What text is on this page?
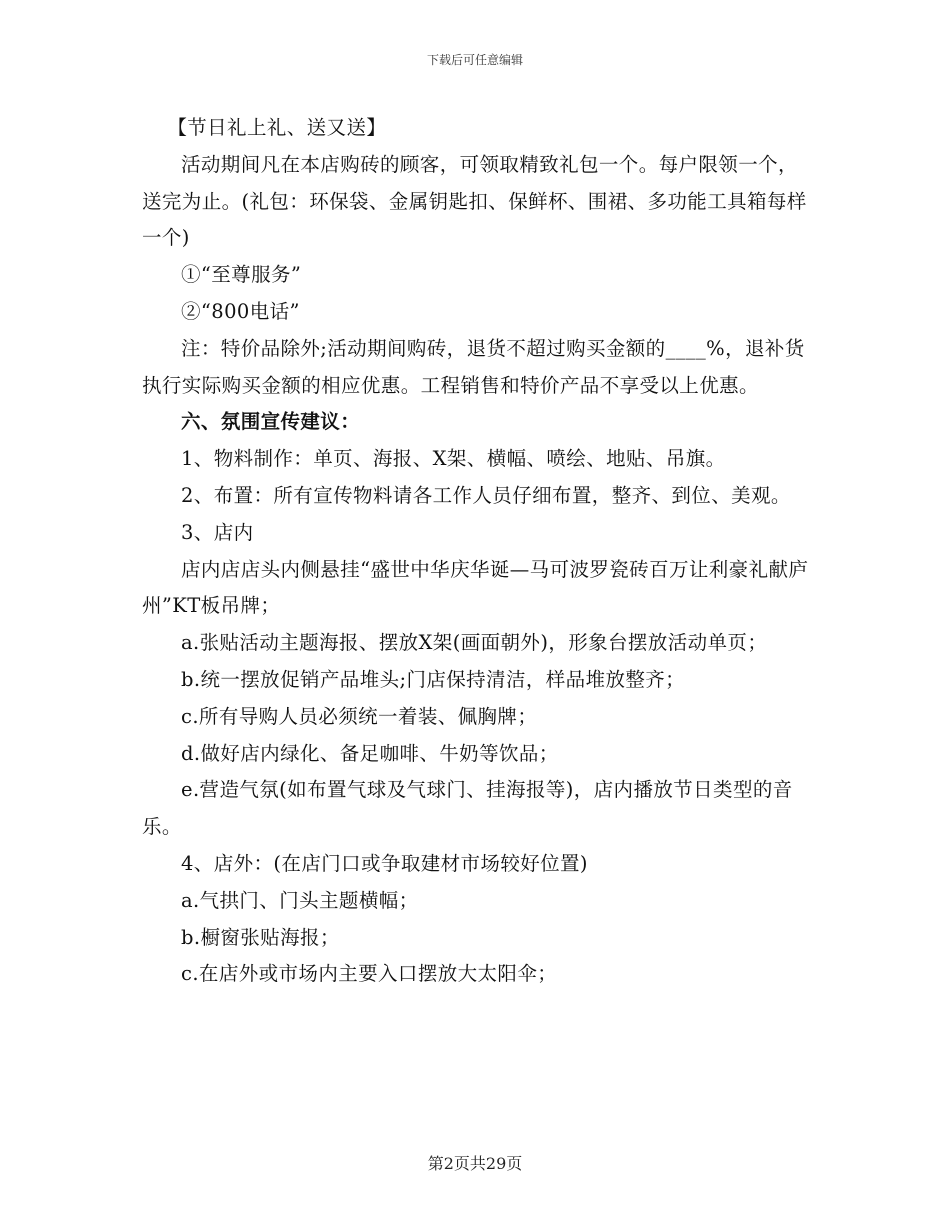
下载后可任意编辑

【节日礼上礼、送又送】

活动期间凡在本店购砖的顾客，可领取精致礼包一个。每户限领一个，送完为止。(礼包：环保袋、金属钥匙扣、保鲜杯、围裙、多功能工具箱每样一个)

①“至尊服务”

②“800电话”

注：特价品除外;活动期间购砖，退货不超过购买金额的____%，退补货执行实际购买金额的相应优惠。工程销售和特价产品不享受以上优惠。

六、氛围宣传建议：

1、物料制作：单页、海报、X架、横幅、喷绘、地贴、吊旗。

2、布置：所有宣传物料请各工作人员仔细布置，整齐、到位、美观。

3、店内

店内店店头内侧悬挂“盛世中华庆华诞—马可波罗瓷砖百万让利豪礼献庐州”KT板吊牌；

a.张贴活动主题海报、摆放X架(画面朝外)，形象台摆放活动单页；

b.统一摆放促销产品堆头;门店保持清洁，样品堆放整齐；

c.所有导购人员必须统一着装、佩胸牌；

d.做好店内绿化、备足咖啡、牛奶等饮品；

e.营造气氛(如布置气球及气球门、挂海报等)，店内播放节日类型的音乐。

4、店外：(在店门口或争取建材市场较好位置)

a.气拱门、门头主题横幅；

b.橱窗张贴海报；

c.在店外或市场内主要入口摆放大太阳伞；

第2页共29页
